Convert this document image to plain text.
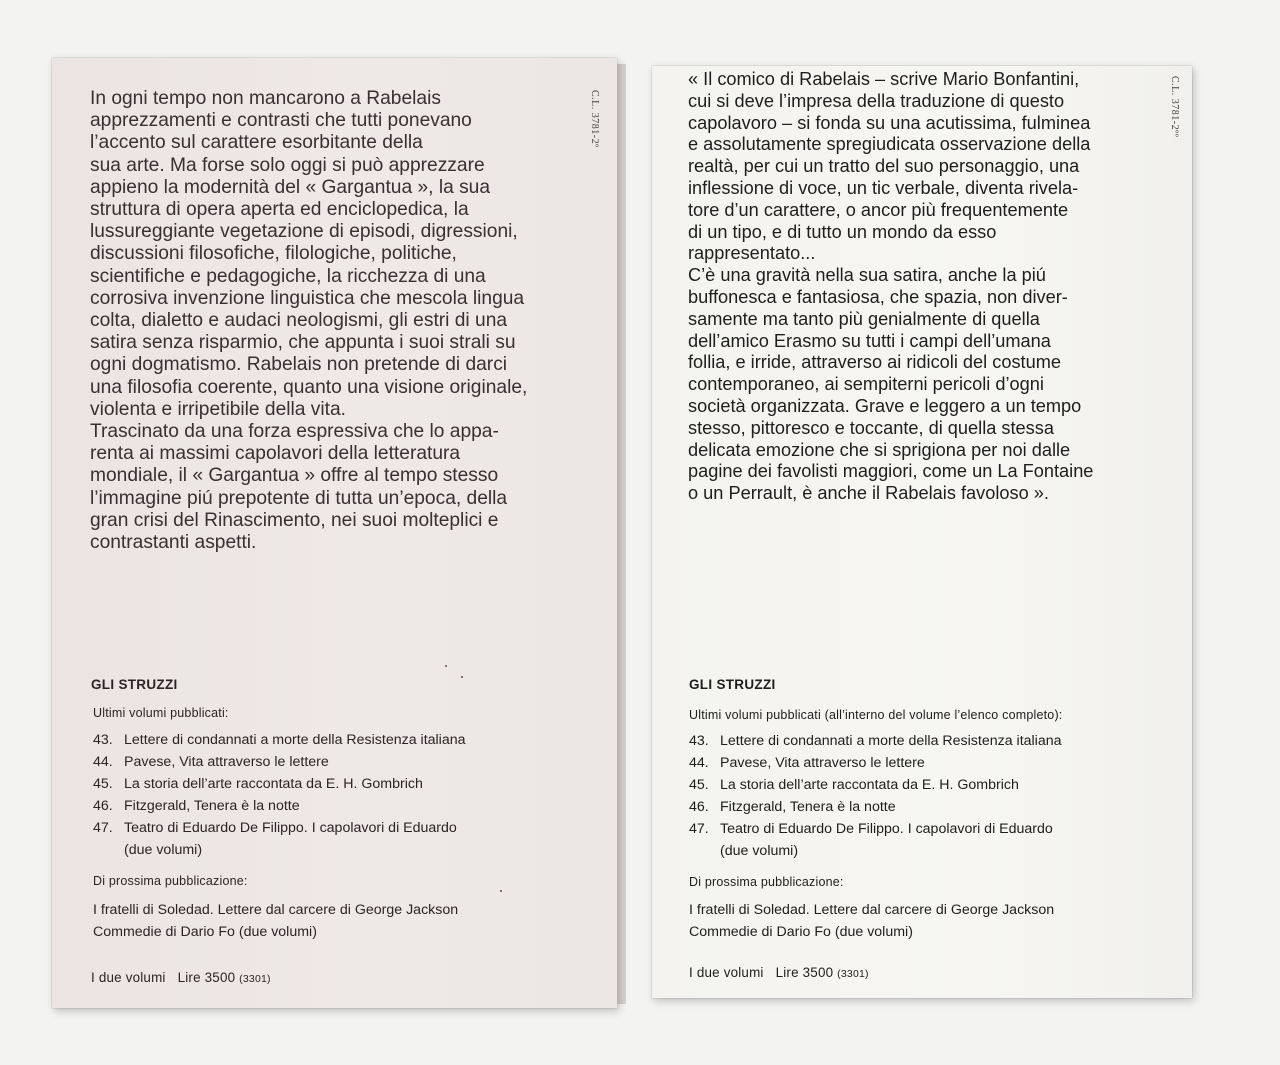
C.L. 3781-2º

In ogni tempo non mancarono a Rabelais
apprezzamenti e contrasti che tutti ponevano
l’accento sul carattere esorbitante della
sua arte. Ma forse solo oggi si può apprezzare
appieno la modernità del « Gargantua », la sua
struttura di opera aperta ed enciclopedica, la
lussureggiante vegetazione di episodi, digressioni,
discussioni filosofiche, filologiche, politiche,
scientifiche e pedagogiche, la ricchezza di una
corrosiva invenzione linguistica che mescola lingua
colta, dialetto e audaci neologismi, gli estri di una
satira senza risparmio, che appunta i suoi strali su
ogni dogmatismo. Rabelais non pretende di darci
una filosofia coerente, quanto una visione originale,
violenta e irripetibile della vita.
Trascinato da una forza espressiva che lo appa-
renta ai massimi capolavori della letteratura
mondiale, il « Gargantua » offre al tempo stesso
l’immagine piú prepotente di tutta un’epoca, della
gran crisi del Rinascimento, nei suoi molteplici e
contrastanti aspetti.

GLI STRUZZI
Ultimi volumi pubblicati:
43. Lettere di condannati a morte della Resistenza italiana
44. Pavese, Vita attraverso le lettere
45. La storia dell’arte raccontata da E. H. Gombrich
46. Fitzgerald, Tenera è la notte
47. Teatro di Eduardo De Filippo. I capolavori di Eduardo
(due volumi)
Di prossima pubblicazione:
I fratelli di Soledad. Lettere dal carcere di George Jackson
Commedie di Dario Fo (due volumi)
I due volumi Lire 3500 (3301)
C.L. 3781-2ºº

« Il comico di Rabelais – scrive Mario Bonfantini,
cui si deve l’impresa della traduzione di questo
capolavoro – si fonda su una acutissima, fulminea
e assolutamente spregiudicata osservazione della
realtà, per cui un tratto del suo personaggio, una
inflessione di voce, un tic verbale, diventa rivela-
tore d’un carattere, o ancor più frequentemente
di un tipo, e di tutto un mondo da esso
rappresentato...
C’è una gravità nella sua satira, anche la piú
buffonesca e fantasiosa, che spazia, non diver-
samente ma tanto più genialmente di quella
dell’amico Erasmo su tutti i campi dell’umana
follia, e irride, attraverso ai ridicoli del costume
contemporaneo, ai sempiterni pericoli d’ogni
società organizzata. Grave e leggero a un tempo
stesso, pittoresco e toccante, di quella stessa
delicata emozione che si sprigiona per noi dalle
pagine dei favolisti maggiori, come un La Fontaine
o un Perrault, è anche il Rabelais favoloso ».

GLI STRUZZI
Ultimi volumi pubblicati (all’interno del volume l’elenco completo):
43. Lettere di condannati a morte della Resistenza italiana
44. Pavese, Vita attraverso le lettere
45. La storia dell’arte raccontata da E. H. Gombrich
46. Fitzgerald, Tenera è la notte
47. Teatro di Eduardo De Filippo. I capolavori di Eduardo
(due volumi)
Di prossima pubblicazione:
I fratelli di Soledad. Lettere dal carcere di George Jackson
Commedie di Dario Fo (due volumi)
I due volumi Lire 3500 (3301)
